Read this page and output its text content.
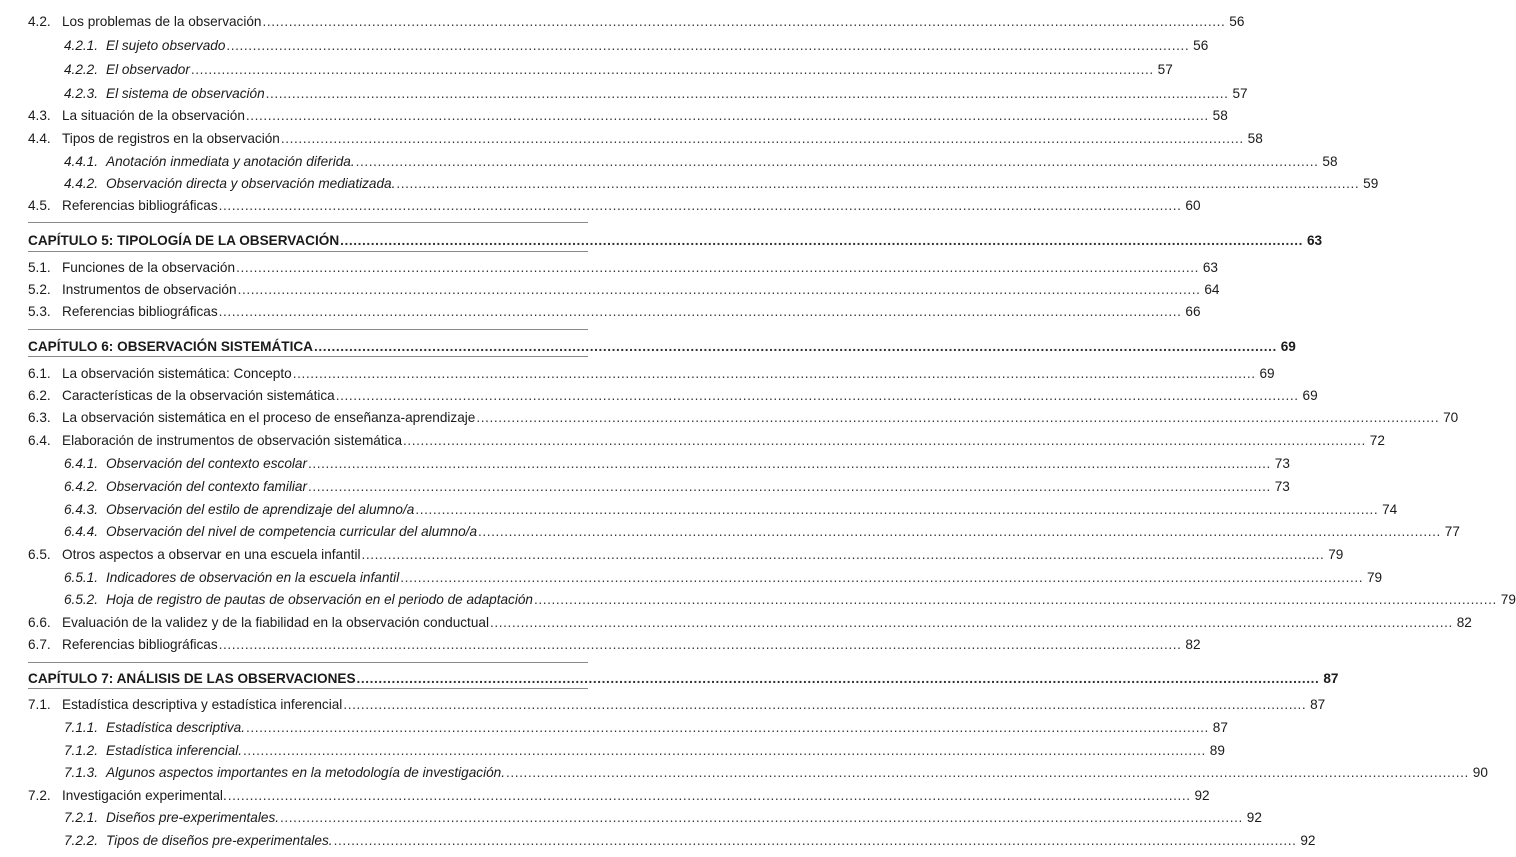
4.2. Los problemas de la observación ............................................................................................................................................................................................................................ 56
4.2.1. El sujeto observado ............................................................................................................................................................................................................................ 56
4.2.2. El observador ............................................................................................................................................................................................................................ 57
4.2.3. El sistema de observación ............................................................................................................................................................................................................................ 57
4.3. La situación de la observación ............................................................................................................................................................................................................................ 58
4.4. Tipos de registros en la observación ............................................................................................................................................................................................................................ 58
4.4.1. Anotación inmediata y anotación diferida. ............................................................................................................................................................................................................................ 58
4.4.2. Observación directa y observación mediatizada. ............................................................................................................................................................................................................................ 59
4.5. Referencias bibliográficas ............................................................................................................................................................................................................................ 60
CAPÍTULO 5: TIPOLOGÍA DE LA OBSERVACIÓN ............................................................................................................................................................................................................................ 63
5.1. Funciones de la observación ............................................................................................................................................................................................................................ 63
5.2. Instrumentos de observación ............................................................................................................................................................................................................................ 64
5.3. Referencias bibliográficas ............................................................................................................................................................................................................................ 66
CAPÍTULO 6: OBSERVACIÓN SISTEMÁTICA ............................................................................................................................................................................................................................ 69
6.1. La observación sistemática: Concepto ............................................................................................................................................................................................................................ 69
6.2. Características de la observación sistemática ............................................................................................................................................................................................................................ 69
6.3. La observación sistemática en el proceso de enseñanza-aprendizaje ............................................................................................................................................................................................................................ 70
6.4. Elaboración de instrumentos de observación sistemática ............................................................................................................................................................................................................................ 72
6.4.1. Observación del contexto escolar ............................................................................................................................................................................................................................ 73
6.4.2. Observación del contexto familiar ............................................................................................................................................................................................................................ 73
6.4.3. Observación del estilo de aprendizaje del alumno/a ............................................................................................................................................................................................................................ 74
6.4.4. Observación del nivel de competencia curricular del alumno/a ............................................................................................................................................................................................................................ 77
6.5. Otros aspectos a observar en una escuela infantil ............................................................................................................................................................................................................................ 79
6.5.1. Indicadores de observación en la escuela infantil ............................................................................................................................................................................................................................ 79
6.5.2. Hoja de registro de pautas de observación en el periodo de adaptación ............................................................................................................................................................................................................................ 79
6.6. Evaluación de la validez y de la fiabilidad en la observación conductual ............................................................................................................................................................................................................................ 82
6.7. Referencias bibliográficas ............................................................................................................................................................................................................................ 82
CAPÍTULO 7: ANÁLISIS DE LAS OBSERVACIONES ............................................................................................................................................................................................................................ 87
7.1. Estadística descriptiva y estadística inferencial ............................................................................................................................................................................................................................ 87
7.1.1. Estadística descriptiva. ............................................................................................................................................................................................................................ 87
7.1.2. Estadística inferencial. ............................................................................................................................................................................................................................ 89
7.1.3. Algunos aspectos importantes en la metodología de investigación. ............................................................................................................................................................................................................................ 90
7.2. Investigación experimental. ............................................................................................................................................................................................................................ 92
7.2.1. Diseños pre-experimentales. ............................................................................................................................................................................................................................ 92
7.2.2. Tipos de diseños pre-experimentales. ............................................................................................................................................................................................................................ 92
